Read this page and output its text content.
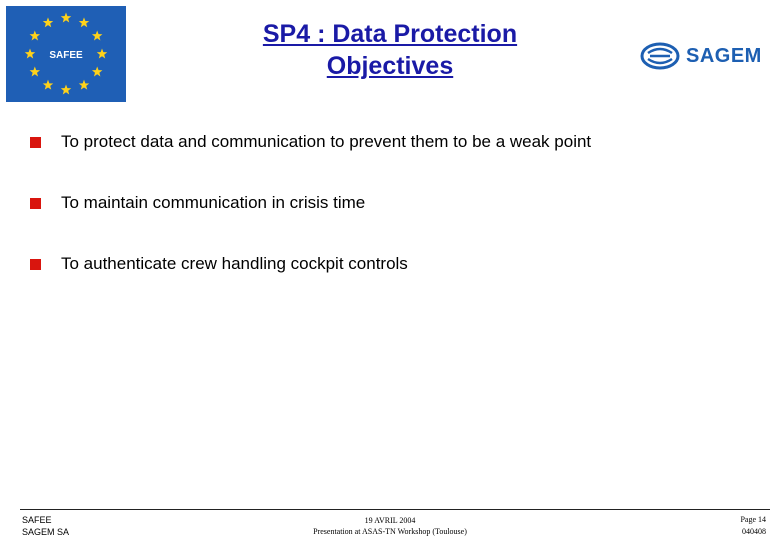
SAFEE
SP4 : Data Protection
Objectives	SAGEM
To protect data and communication to prevent them to be a weak point
To maintain communication in crisis time
To authenticate crew handling cockpit controls
SAFEE
SAGEM SA
19 AVRIL 2004
Presentation at ASAS-TN Workshop (Toulouse)
Page 14
040408
